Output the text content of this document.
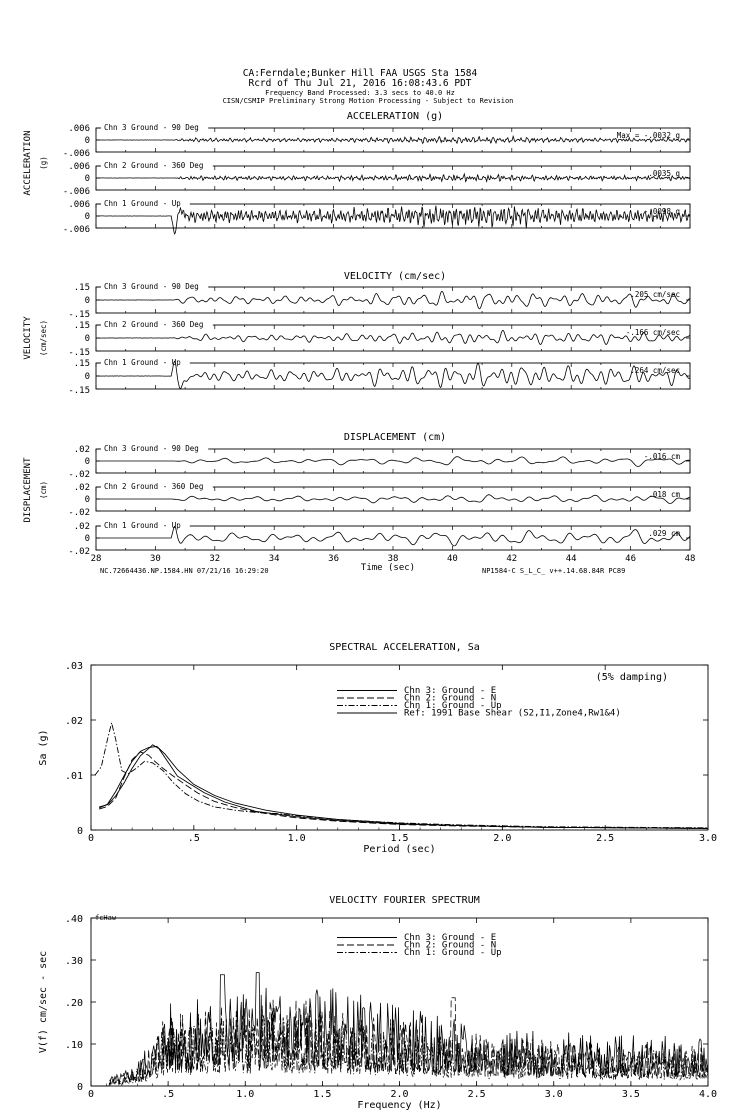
CA:Ferndale;Bunker Hill FAA USGS Sta 1584
Rcrd of Thu Jul 21, 2016 16:08:43.6 PDT
Frequency Band Processed: 3.3 secs to 40.0 Hz
CISN/CSMIP Preliminary Strong Motion Processing - Subject to Revision
ACCELERATION (g)
ACCELERATION (g)
.006
0
-.006
Chn 3 Ground - 90 Deg
Max = -.0032 g
.006
0
-.006
Chn 2 Ground - 360 Deg
.0035 g
.006
0
-.006
Chn 1 Ground - Up
-.0098 g
VELOCITY (cm/sec)
VELOCITY (cm/sec)
.15
0
-.15
Chn 3 Ground - 90 Deg
.205 cm/sec
.15
0
-.15
Chn 2 Ground - 360 Deg
-.166 cm/sec
.15
0
-.15
Chn 1 Ground - Up
.264 cm/sec
DISPLACEMENT (cm)
DISPLACEMENT (cm)
.02
0
-.02
Chn 3 Ground - 90 Deg
-.016 cm
.02
0
-.02
Chn 2 Ground - 360 Deg
.018 cm
.02
0
-.02
Chn 1 Ground - Up
.029 cm
28	30	32	34	36	38	40	42	44	46	48
Time (sec)
NC.72664436.NP.1584.HN 07/21/16 16:29:20	NP1584-C S_L_C_ v++.14.68.84R PC89
SPECTRAL ACCELERATION, Sa
0	.5	1.0	1.5	2.0	2.5	3.0
0
.01
.02
.03
Period (sec)
Sa (g)
(5% damping)
Chn 3: Ground - E
Chn 2: Ground - N
Chn 1: Ground - Up
Ref: 1991 Base Shear (S2,I1,Zone4,Rw1&4)
VELOCITY FOURIER SPECTRUM
0	.5	1.0	1.5	2.0	2.5	3.0	3.5	4.0
0
.10
.20
.30
.40
Frequency (Hz)
V(f) cm/sec - sec
fcHaw
Chn 3: Ground - E
Chn 2: Ground - N
Chn 1: Ground - Up
